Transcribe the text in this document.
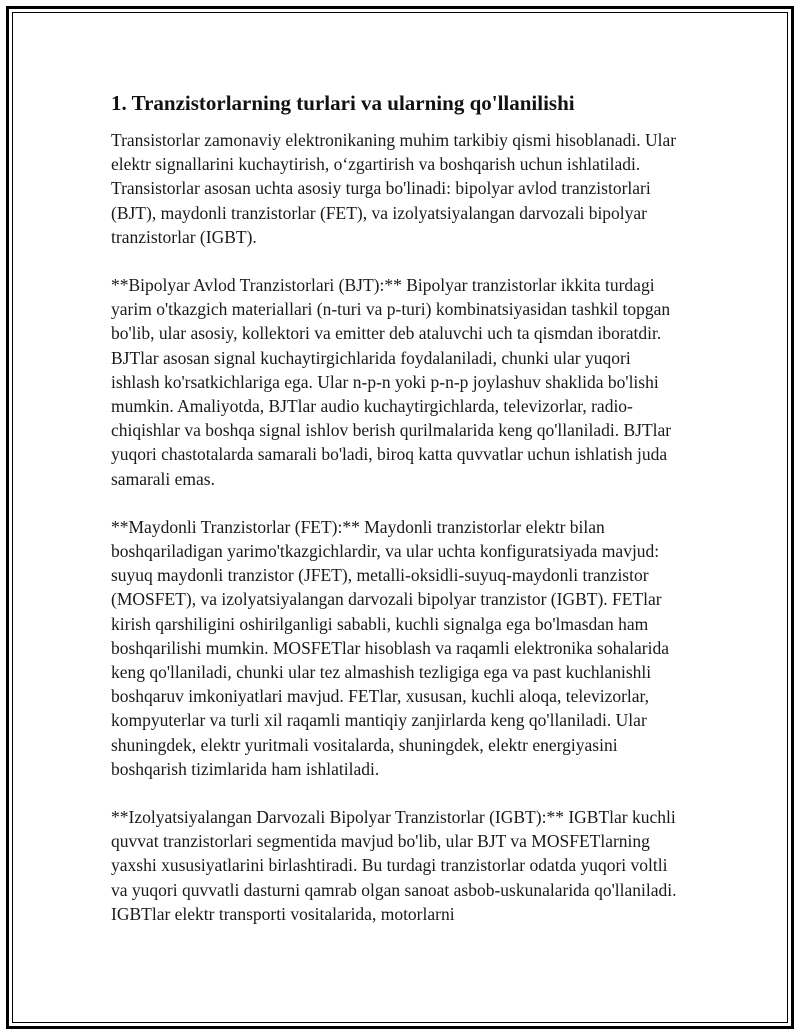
1. Tranzistorlarning turlari va ularning qo'llanilishi

Transistorlar zamonaviy elektronikaning muhim tarkibiy qismi hisoblanadi. Ular elektr signallarini kuchaytirish, o‘zgartirish va boshqarish uchun ishlatiladi. Transistorlar asosan uchta asosiy turga bo'linadi: bipolyar avlod tranzistorlari (BJT), maydonli tranzistorlar (FET), va izolyatsiyalangan darvozali bipolyar tranzistorlar (IGBT).

**Bipolyar Avlod Tranzistorlari (BJT):** Bipolyar tranzistorlar ikkita turdagi yarim o'tkazgich materiallari (n-turi va p-turi) kombinatsiyasidan tashkil topgan bo'lib, ular asosiy, kollektori va emitter deb ataluvchi uch ta qismdan iboratdir. BJTlar asosan signal kuchaytirgichlarida foydalaniladi, chunki ular yuqori ishlash ko'rsatkichlariga ega. Ular n-p-n yoki p-n-p joylashuv shaklida bo'lishi mumkin. Amaliyotda, BJTlar audio kuchaytirgichlarda, televizorlar, radio-chiqishlar va boshqa signal ishlov berish qurilmalarida keng qo'llaniladi. BJTlar yuqori chastotalarda samarali bo'ladi, biroq katta quvvatlar uchun ishlatish juda samarali emas.

**Maydonli Tranzistorlar (FET):** Maydonli tranzistorlar elektr bilan boshqariladigan yarimo'tkazgichlardir, va ular uchta konfiguratsiyada mavjud: suyuq maydonli tranzistor (JFET), metalli-oksidli-suyuq-maydonli tranzistor (MOSFET), va izolyatsiyalangan darvozali bipolyar tranzistor (IGBT). FETlar kirish qarshiligini oshirilganligi sababli, kuchli signalga ega bo'lmasdan ham boshqarilishi mumkin. MOSFETlar hisoblash va raqamli elektronika sohalarida keng qo'llaniladi, chunki ular tez almashish tezligiga ega va past kuchlanishli boshqaruv imkoniyatlari mavjud. FETlar, xususan, kuchli aloqa, televizorlar, kompyuterlar va turli xil raqamli mantiqiy zanjirlarda keng qo'llaniladi. Ular shuningdek, elektr yuritmali vositalarda, shuningdek, elektr energiyasini boshqarish tizimlarida ham ishlatiladi.

**Izolyatsiyalangan Darvozali Bipolyar Tranzistorlar (IGBT):** IGBTlar kuchli quvvat tranzistorlari segmentida mavjud bo'lib, ular BJT va MOSFETlarning yaxshi xususiyatlarini birlashtiradi. Bu turdagi tranzistorlar odatda yuqori voltli va yuqori quvvatli dasturni qamrab olgan sanoat asbob-uskunalarida qo'llaniladi. IGBTlar elektr transporti vositalarida, motorlarni
